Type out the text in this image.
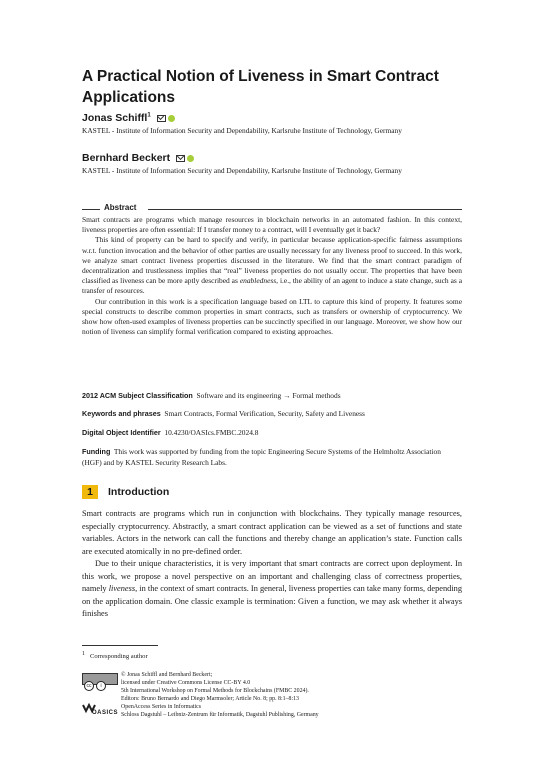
A Practical Notion of Liveness in Smart Contract Applications
Jonas Schiffl$^1$
KASTEL - Institute of Information Security and Dependability, Karlsruhe Institute of Technology, Germany
Bernhard Beckert
KASTEL - Institute of Information Security and Dependability, Karlsruhe Institute of Technology, Germany
Abstract

Smart contracts are programs which manage resources in blockchain networks in an automated fashion. In this context, liveness properties are often essential: If I transfer money to a contract, will I eventually get it back?

This kind of property can be hard to specify and verify, in particular because application-specific fairness assumptions w.r.t. function invocation and the behavior of other parties are usually necessary for any liveness proof to succeed. In this work, we analyze smart contract liveness properties discussed in the literature. We find that the smart contract paradigm of decentralization and trustlessness implies that “real” liveness properties do not usually occur. The properties that have been classified as liveness can be more aptly described as enabledness, i.e., the ability of an agent to induce a state change, such as a transfer of resources.

Our contribution in this work is a specification language based on LTL to capture this kind of property. It features some special constructs to describe common properties in smart contracts, such as transfers or ownership of cryptocurrency. We show how often-used examples of liveness properties can be succinctly specified in our language. Moreover, we show how our notion of liveness can simplify formal verification compared to existing approaches.

2012 ACM Subject Classification Software and its engineering → Formal methods
Keywords and phrases Smart Contracts, Formal Verification, Security, Safety and Liveness
Digital Object Identifier 10.4230/OASIcs.FMBC.2024.8
Funding This work was supported by funding from the topic Engineering Secure Systems of the Helmholtz Association (HGF) and by KASTEL Security Research Labs.
1	Introduction

Smart contracts are programs which run in conjunction with blockchains. They typically manage resources, especially cryptocurrency. Abstractly, a smart contract application can be viewed as a set of functions and state variables. Actors in the network can call the functions and thereby change an application’s state. Function calls are executed atomically in no pre-defined order.

Due to their unique characteristics, it is very important that smart contracts are correct upon deployment. In this work, we propose a novel perspective on an important and challenging class of correctness properties, namely liveness, in the context of smart contracts. In general, liveness properties can take many forms, depending on the application domain. One classic example is termination: Given a function, we may ask whether it always finishes

$^1$ Corresponding author
cc i

© Jonas Schiffl and Bernhard Beckert;

licensed under Creative Commons License CC-BY 4.0

5th International Workshop on Formal Methods for Blockchains (FMBC 2024).

Editors: Bruno Bernardo and Diego Marmsoler; Article No. 8; pp. 8:1–8:13

OpenAccess Series in Informatics

Schloss Dagstuhl – Leibniz-Zentrum für Informatik, Dagstuhl Publishing, Germany

OASICS
